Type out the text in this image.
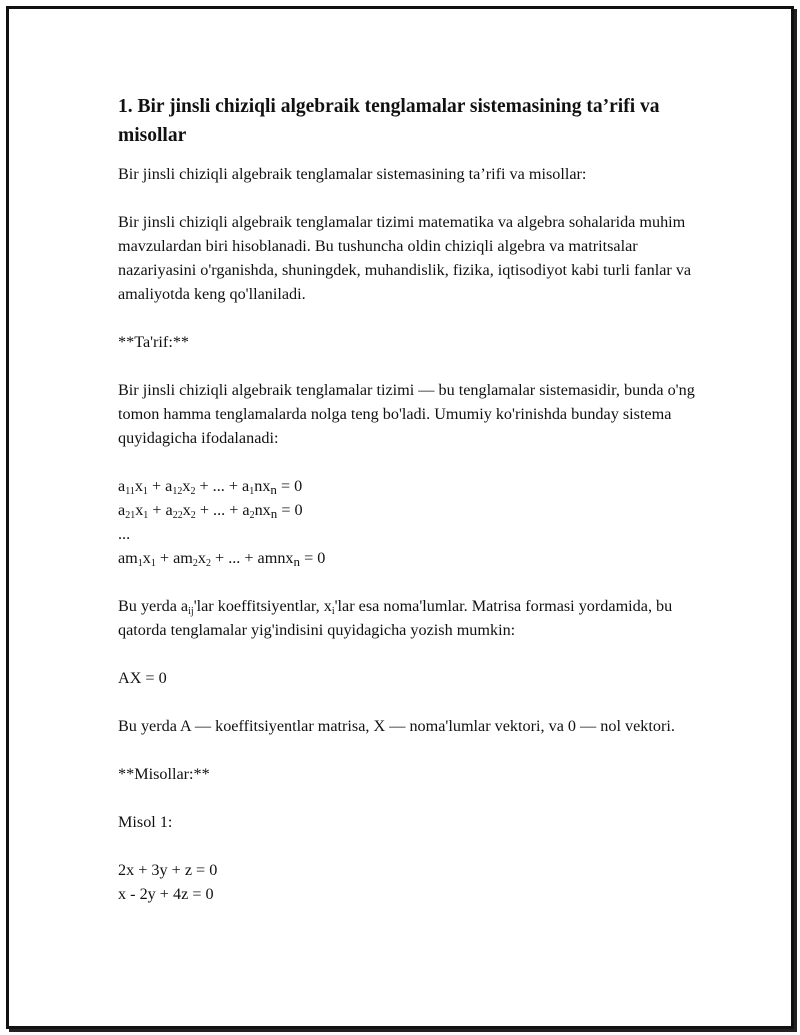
1. Bir jinsli chiziqli algebraik tenglamalar sistemasining ta’rifi va misollar

Bir jinsli chiziqli algebraik tenglamalar sistemasining ta’rifi va misollar:

Bir jinsli chiziqli algebraik tenglamalar tizimi matematika va algebra sohalarida muhim mavzulardan biri hisoblanadi. Bu tushuncha oldin chiziqli algebra va matritsalar nazariyasini o'rganishda, shuningdek, muhandislik, fizika, iqtisodiyot kabi turli fanlar va amaliyotda keng qo'llaniladi.

**Ta'rif:**

Bir jinsli chiziqli algebraik tenglamalar tizimi — bu tenglamalar sistemasidir, bunda o'ng tomon hamma tenglamalarda nolga teng bo'ladi. Umumiy ko'rinishda bunday sistema quyidagicha ifodalanadi:

$a_{11}x_1 + a_{12}x_2$ + ... + $a_1nx_n = 0$
$a_{21}x_1 + a_{22}x_2$ + ... + $a_2nx_n = 0$
...
$am_1x_1 + am_2x_2$ + ... + amnx$_n$ = 0

Bu yerda $a_{ij}'lar$ koeffitsiyentlar, $x_i'lar$ esa noma'lumlar. Matrisa formasi yordamida, bu qatorda tenglamalar yig'indisini quyidagicha yozish mumkin:

AX = 0

Bu yerda A — koeffitsiyentlar matrisa, X — noma'lumlar vektori, va 0 — nol vektori.

**Misollar:**

Misol 1:

2x + 3y + z = 0
x - 2y + 4z = 0
